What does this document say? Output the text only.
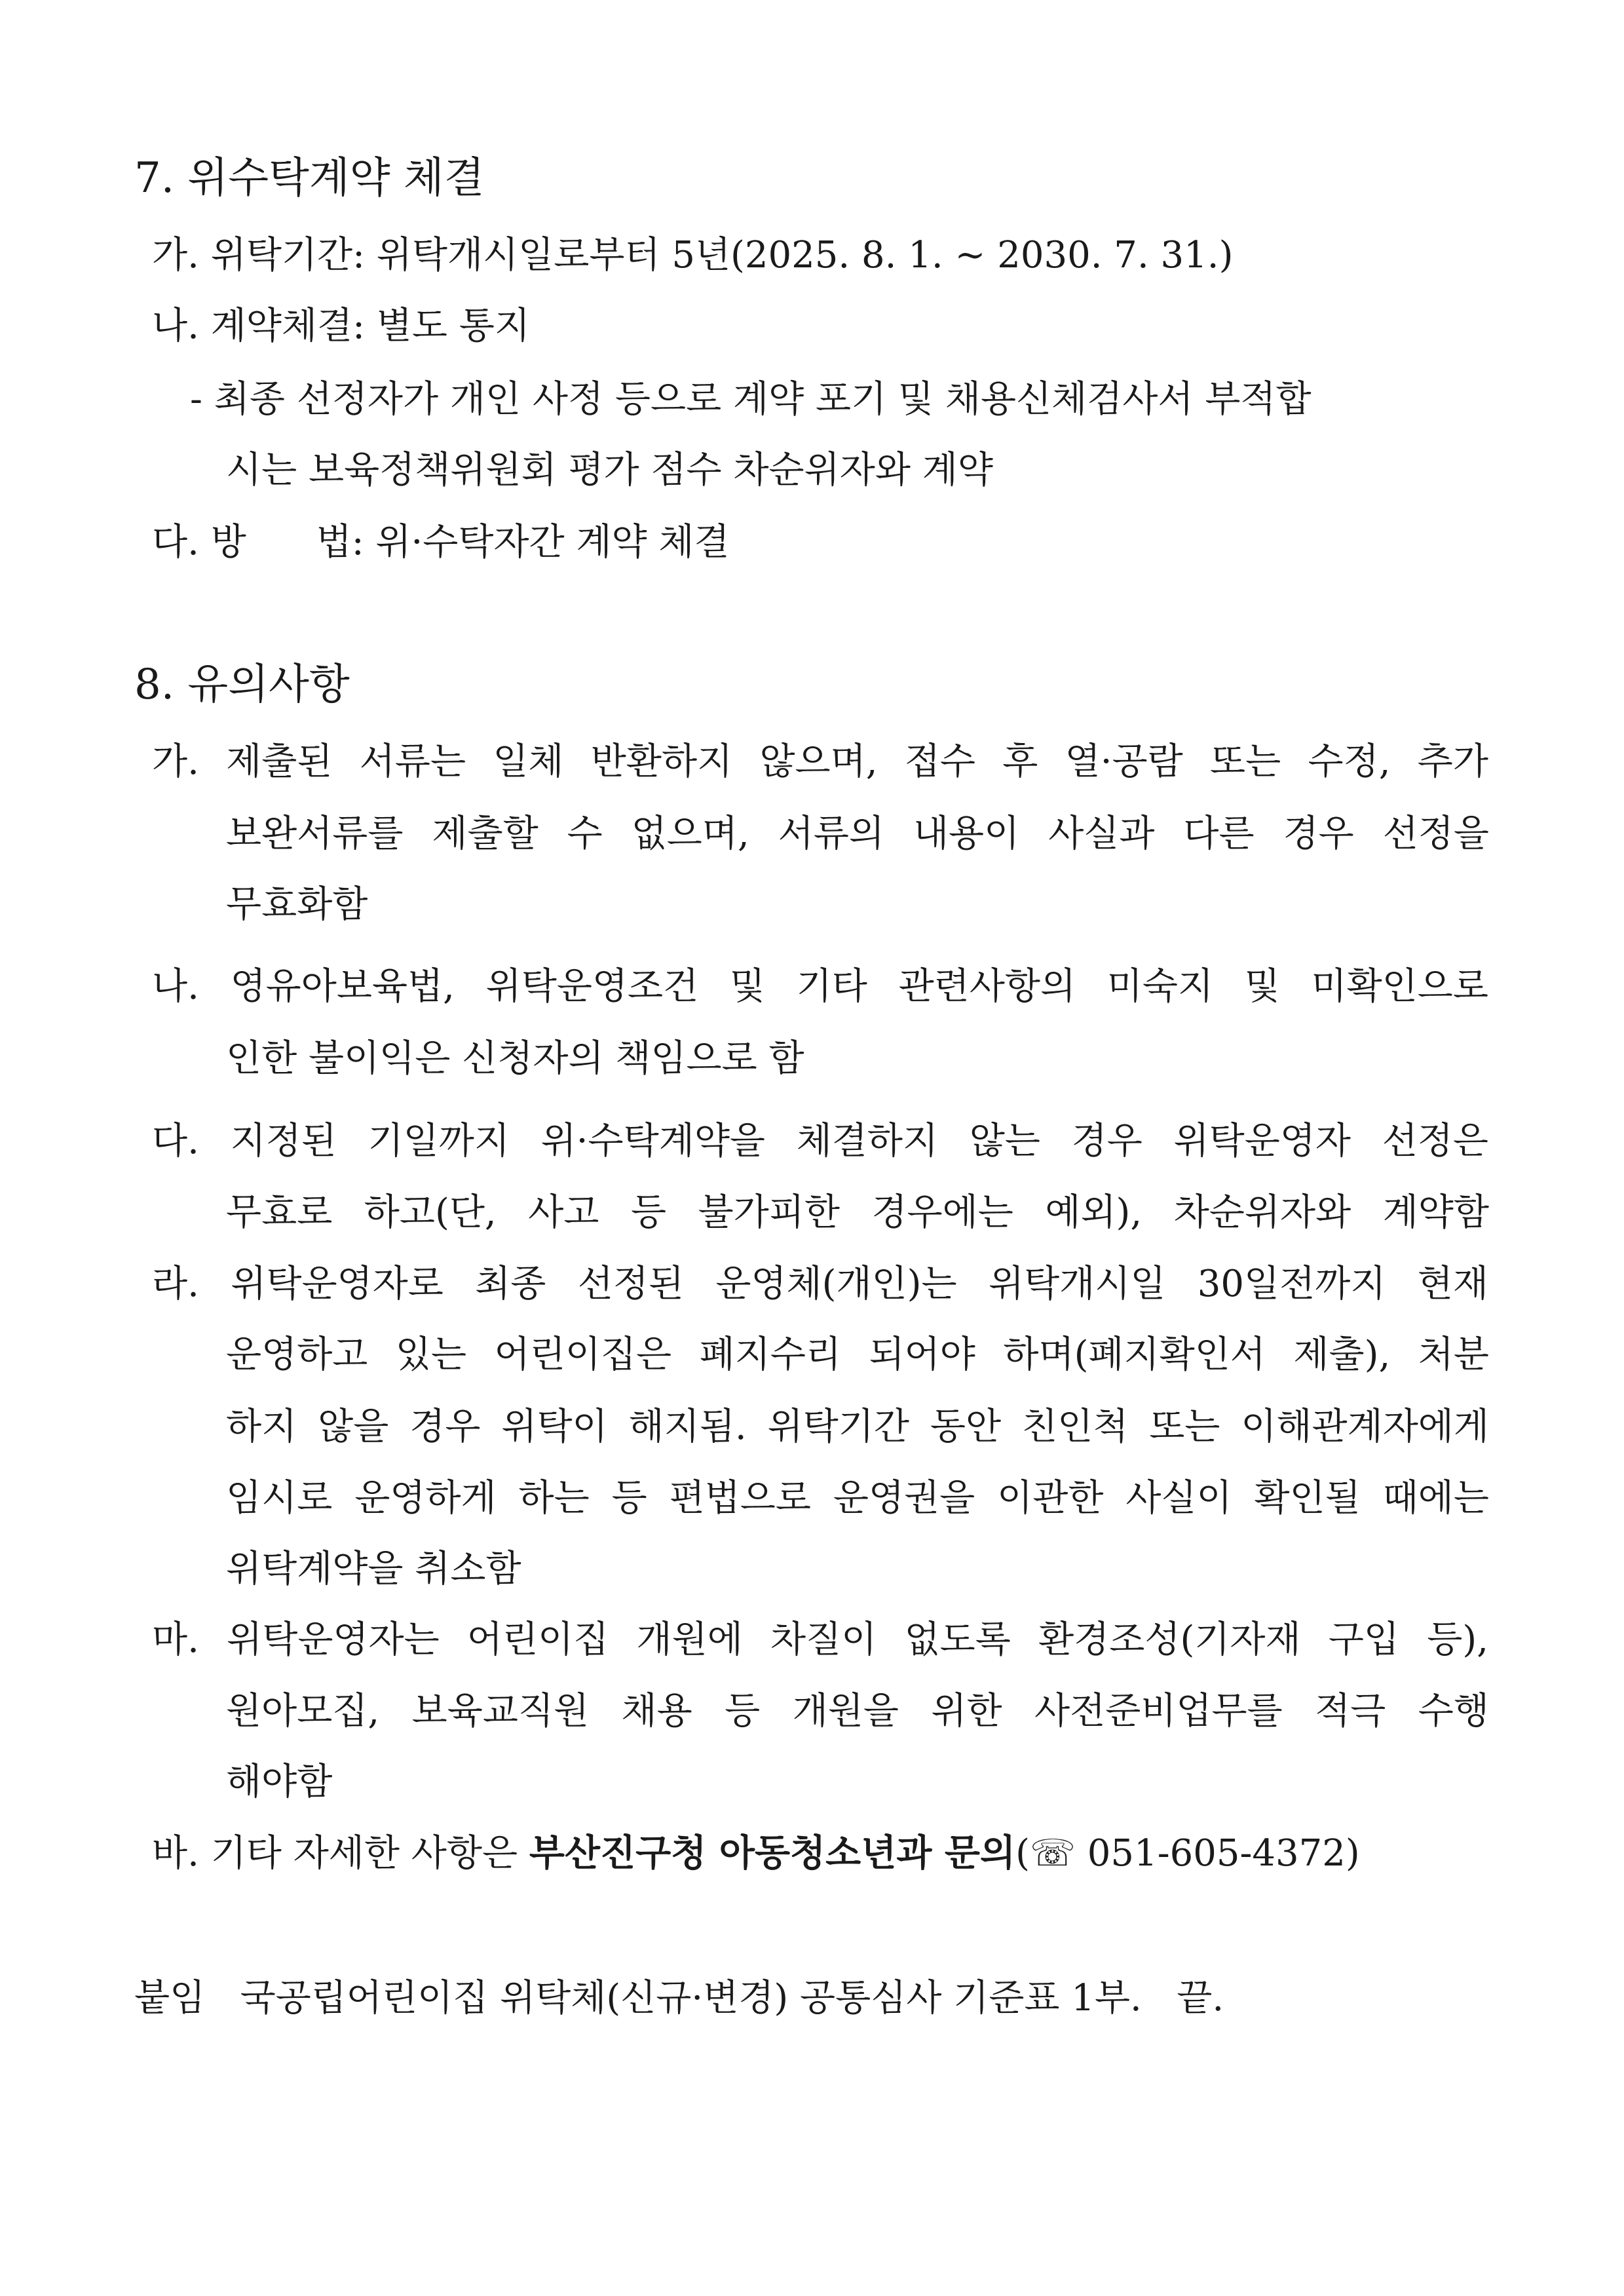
7. 위수탁계약 체결
가. 위탁기간: 위탁개시일로부터 5년(2025. 8. 1. ~ 2030. 7. 31.)
나. 계약체결: 별도 통지
- 최종 선정자가 개인 사정 등으로 계약 포기 및 채용신체검사서 부적합
시는 보육정책위원회 평가 점수 차순위자와 계약
다. 방      법: 위·수탁자간 계약 체결
8. 유의사항
가. 제출된 서류는 일체 반환하지 않으며, 접수 후 열·공람 또는 수정, 추가
보완서류를 제출할 수 없으며, 서류의 내용이 사실과 다른 경우 선정을
무효화함
나. 영유아보육법, 위탁운영조건 및 기타 관련사항의 미숙지 및 미확인으로
인한 불이익은 신청자의 책임으로 함
다. 지정된 기일까지 위·수탁계약을 체결하지 않는 경우 위탁운영자 선정은
무효로 하고(단, 사고 등 불가피한 경우에는 예외), 차순위자와 계약함
라. 위탁운영자로 최종 선정된 운영체(개인)는 위탁개시일 30일전까지 현재
운영하고 있는 어린이집은 폐지수리 되어야 하며(폐지확인서 제출), 처분
하지 않을 경우 위탁이 해지됨. 위탁기간 동안 친인척 또는 이해관계자에게
임시로 운영하게 하는 등 편법으로 운영권을 이관한 사실이 확인될 때에는
위탁계약을 취소함
마. 위탁운영자는 어린이집 개원에 차질이 없도록 환경조성(기자재 구입 등),
원아모집, 보육교직원 채용 등 개원을 위한 사전준비업무를 적극 수행
해야함
바. 기타 자세한 사항은 부산진구청 아동청소년과 문의(☏ 051-605-4372)
붙임   국공립어린이집 위탁체(신규·변경) 공통심사 기준표 1부.   끝.
